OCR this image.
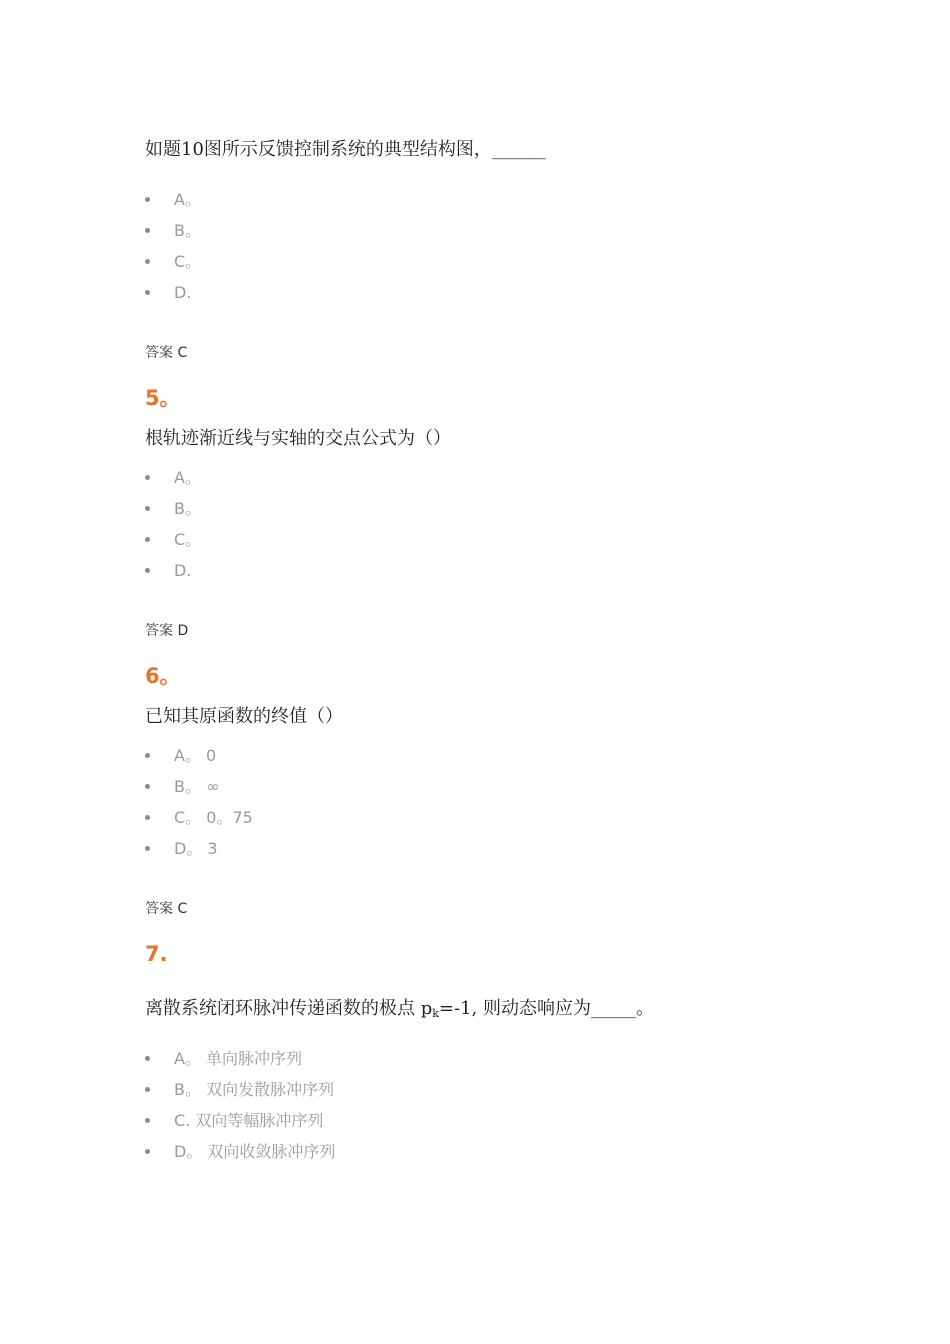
如题10图所示反馈控制系统的典型结构图，______
A。
B。
C。
D.
答案 C
5。
根轨迹渐近线与实轴的交点公式为（）
A。
B。
C。
D.
答案 D
6。
已知其原函数的终值（）
A。 0
B。 ∞
C。 0。75
D。 3
答案 C
7.
离散系统闭环脉冲传递函数的极点 $p_k=-1$, 则动态响应为_____。
A。 单向脉冲序列
B。 双向发散脉冲序列
C. 双向等幅脉冲序列
D。 双向收敛脉冲序列
